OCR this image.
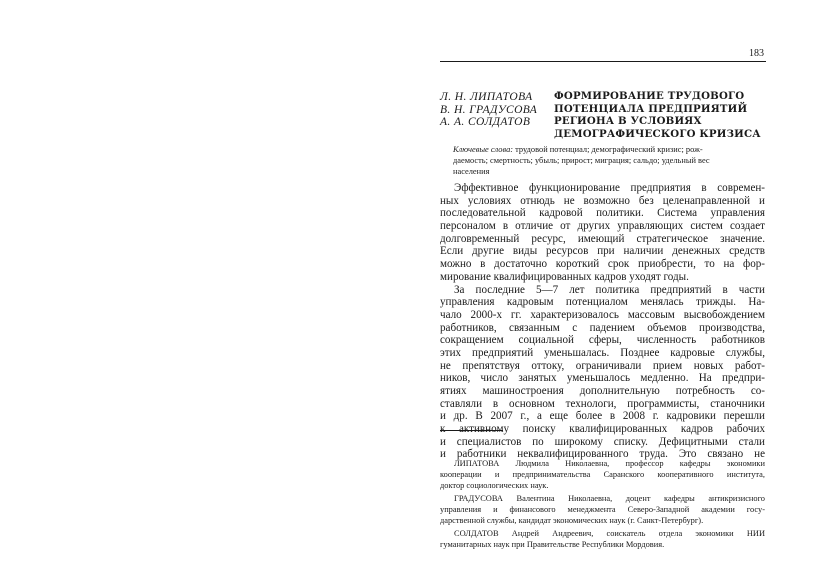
183
Л. Н. ЛИПАТОВА
В. Н. ГРАДУСОВА
А. А. СОЛДАТОВ
ФОРМИРОВАНИЕ ТРУДОВОГО
ПОТЕНЦИАЛА ПРЕДПРИЯТИЙ
РЕГИОНА В УСЛОВИЯХ
ДЕМОГРАФИЧЕСКОГО КРИЗИСА
Ключевые слова: трудовой потенциал; демографический кризис; рож-
даемость; смертность; убыль; прирост; миграция; сальдо; удельный вес
населения
Эффективное функционирование предприятия в современ-
ных условиях отнюдь не возможно без целенаправленной и
последовательной кадровой политики. Система управления
персоналом в отличие от других управляющих систем создает
долговременный ресурс, имеющий стратегическое значение.
Если другие виды ресурсов при наличии денежных средств
можно в достаточно короткий срок приобрести, то на фор-
мирование квалифицированных кадров уходят годы.
За последние 5—7 лет политика предприятий в части
управления кадровым потенциалом менялась трижды. На-
чало 2000-х гг. характеризовалось массовым высвобождением
работников, связанным с падением объемов производства,
сокращением социальной сферы, численность работников
этих предприятий уменьшалась. Позднее кадровые службы,
не препятствуя оттоку, ограничивали прием новых работ-
ников, число занятых уменьшалось медленно. На предпри-
ятиях машиностроения дополнительную потребность со-
ставляли в основном технологи, программисты, станочники
и др. В 2007 г., а еще более в 2008 г. кадровики перешли
к активному поиску квалифицированных кадров рабочих
и специалистов по широкому списку. Дефицитными стали
и работники неквалифицированного труда. Это связано не
ЛИПАТОВА Людмила Николаевна, профессор кафедры экономики
кооперации и предпринимательства Саранского кооперативного института,
доктор социологических наук.
ГРАДУСОВА Валентина Николаевна, доцент кафедры антикризисного
управления и финансового менеджмента Северо-Западной академии госу-
дарственной службы, кандидат экономических наук (г. Санкт-Петербург).
СОЛДАТОВ Андрей Андреевич, соискатель отдела экономики НИИ
гуманитарных наук при Правительстве Республики Мордовия.
